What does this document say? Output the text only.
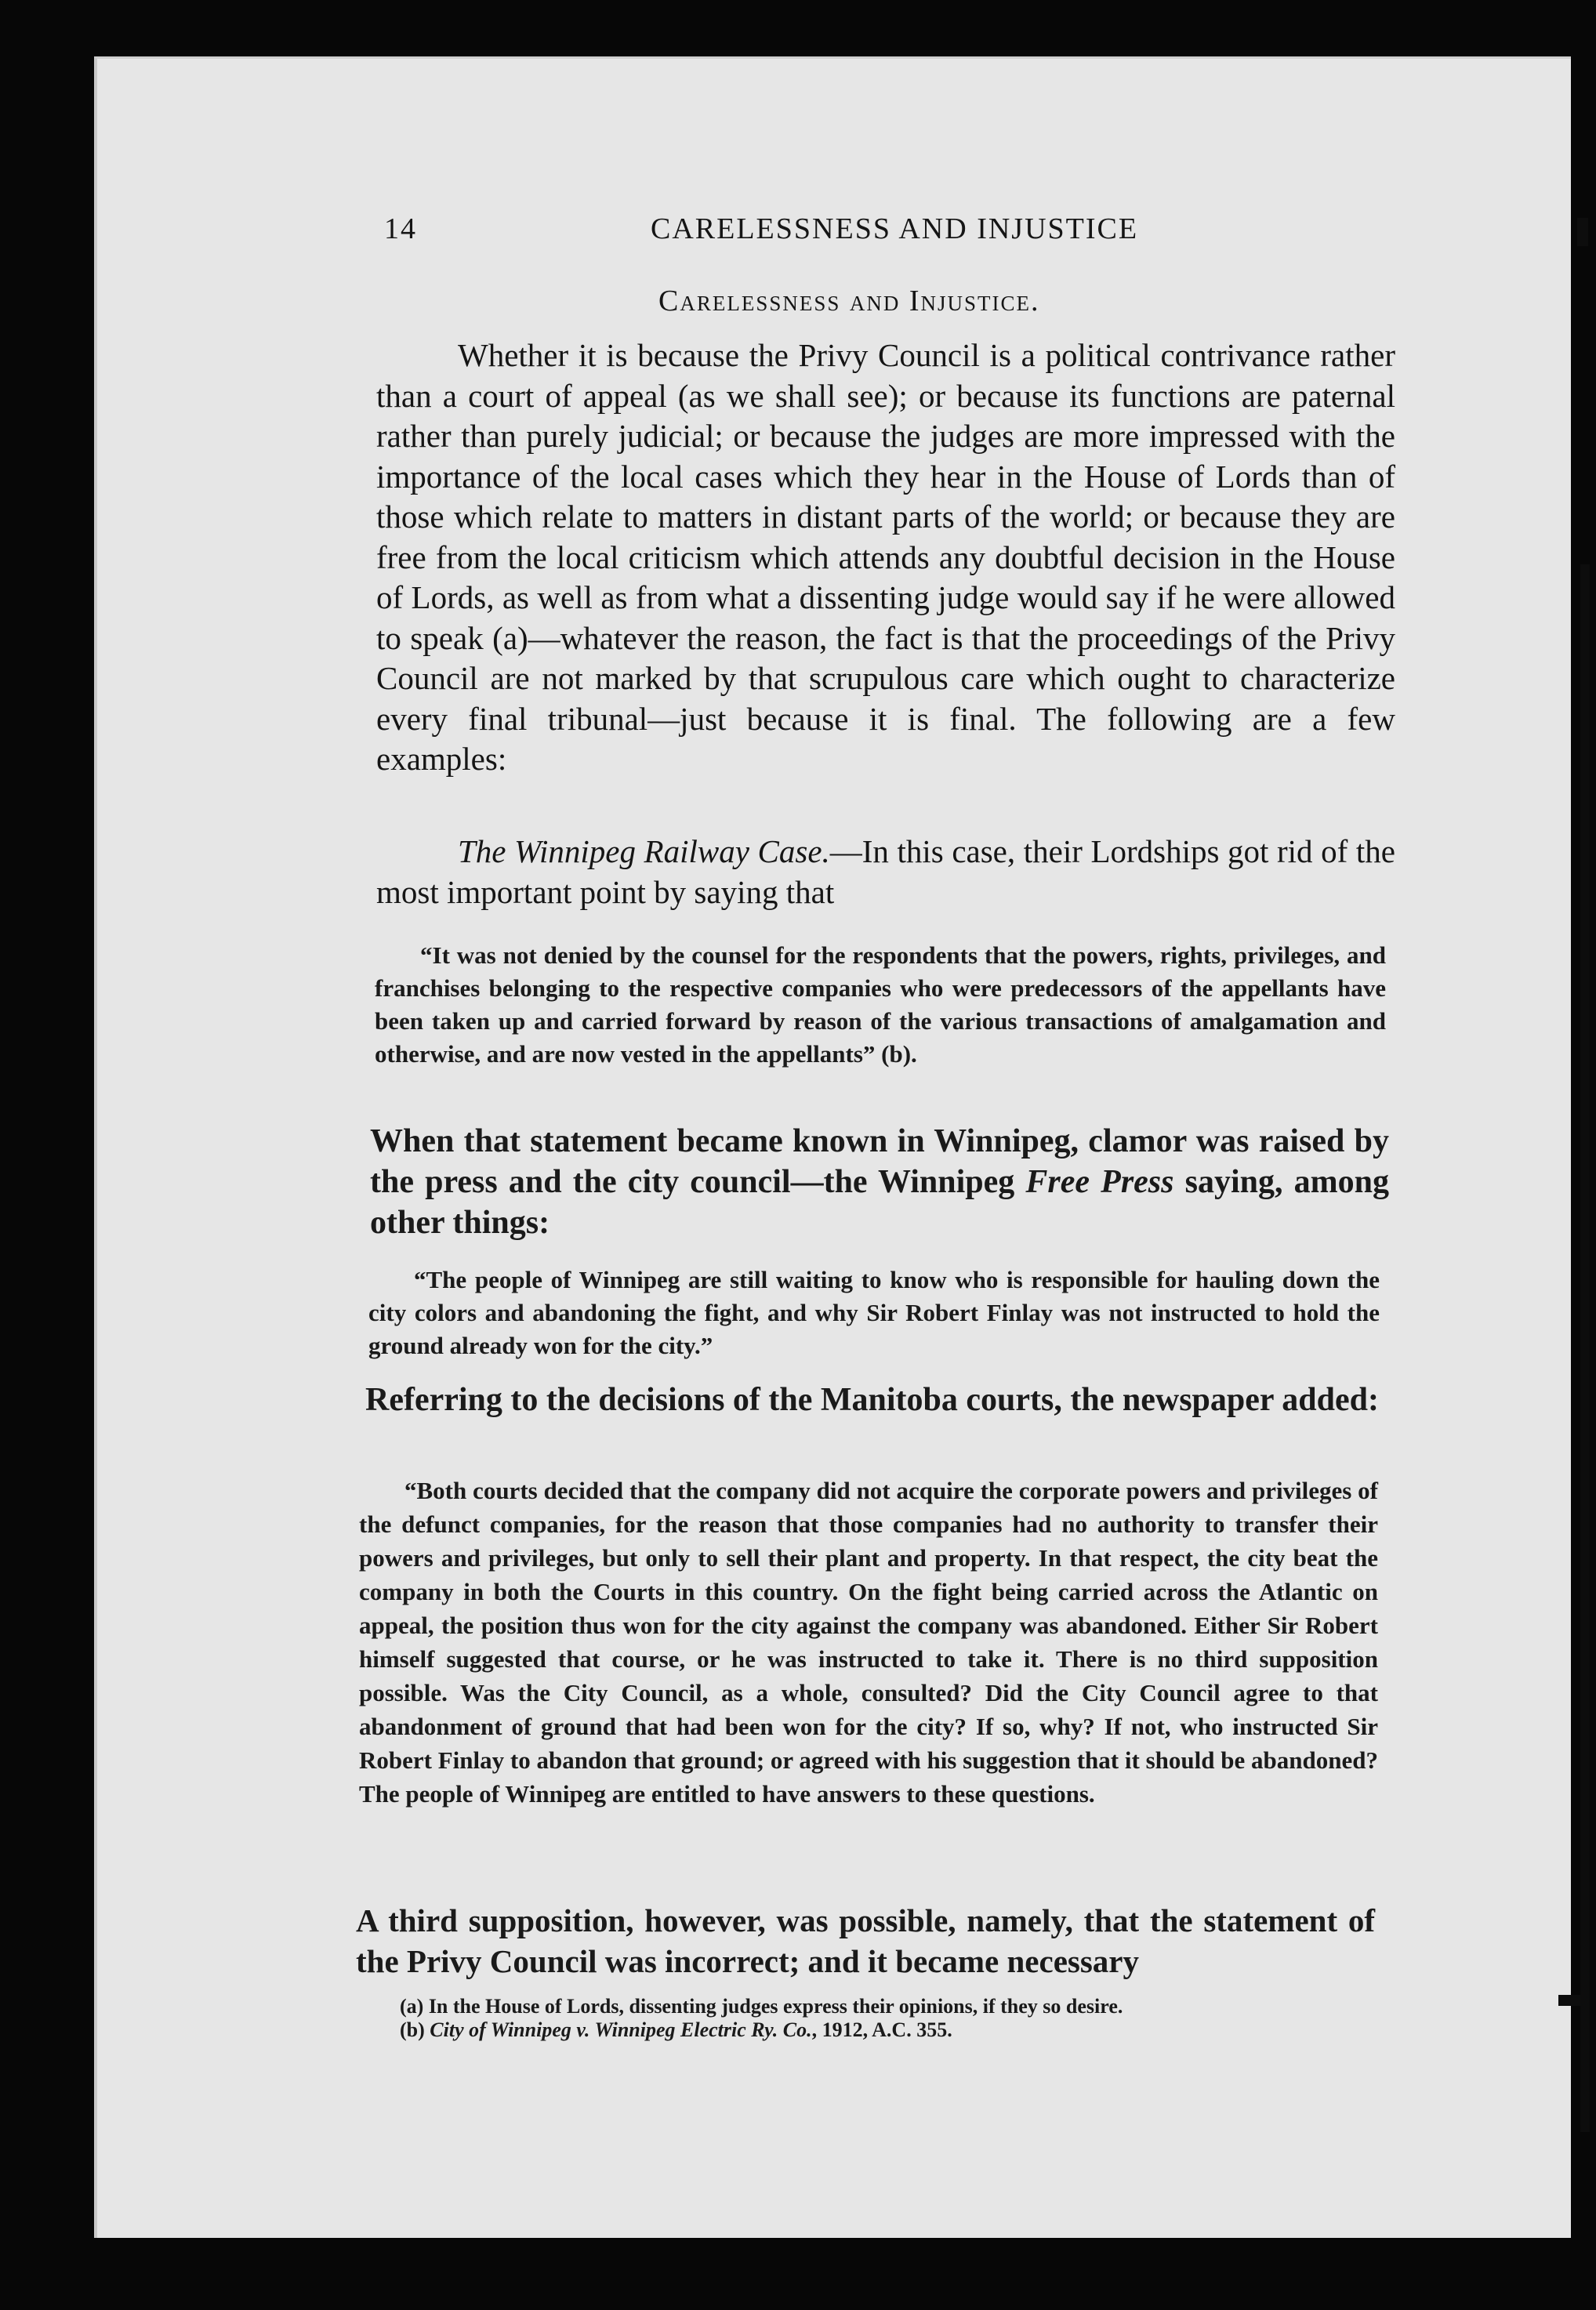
14	CARELESSNESS AND INJUSTICE
Carelessness and Injustice.

Whether it is because the Privy Council is a political contrivance rather than a court of appeal (as we shall see); or because its functions are paternal rather than purely judicial; or because the judges are more impressed with the importance of the local cases which they hear in the House of Lords than of those which relate to matters in distant parts of the world; or because they are free from the local criticism which attends any doubtful decision in the House of Lords, as well as from what a dissenting judge would say if he were allowed to speak (a)—whatever the reason, the fact is that the proceedings of the Privy Council are not marked by that scrupulous care which ought to characterize every final tribunal—just because it is final. The following are a few examples:

The Winnipeg Railway Case.—In this case, their Lordships got rid of the most important point by saying that

“It was not denied by the counsel for the respondents that the powers, rights, privileges, and franchises belonging to the respective companies who were predecessors of the appellants have been taken up and carried forward by reason of the various transactions of amalgamation and otherwise, and are now vested in the appellants” (b).

When that statement became known in Winnipeg, clamor was raised by the press and the city council—the Winnipeg Free Press saying, among other things:

“The people of Winnipeg are still waiting to know who is responsible for hauling down the city colors and abandoning the fight, and why Sir Robert Finlay was not instructed to hold the ground already won for the city.”

Referring to the decisions of the Manitoba courts, the newspaper added:

“Both courts decided that the company did not acquire the corporate powers and privileges of the defunct companies, for the reason that those companies had no authority to transfer their powers and privileges, but only to sell their plant and property. In that respect, the city beat the company in both the Courts in this country. On the fight being carried across the Atlantic on appeal, the position thus won for the city against the company was abandoned. Either Sir Robert himself suggested that course, or he was instructed to take it. There is no third supposition possible. Was the City Council, as a whole, consulted? Did the City Council agree to that abandonment of ground that had been won for the city? If so, why? If not, who instructed Sir Robert Finlay to abandon that ground; or agreed with his suggestion that it should be abandoned? The people of Winnipeg are entitled to have answers to these questions.

A third supposition, however, was possible, namely, that the statement of the Privy Council was incorrect; and it became necessary

(a) In the House of Lords, dissenting judges express their opinions, if they so desire.

(b) City of Winnipeg v. Winnipeg Electric Ry. Co., 1912, A.C. 355.
